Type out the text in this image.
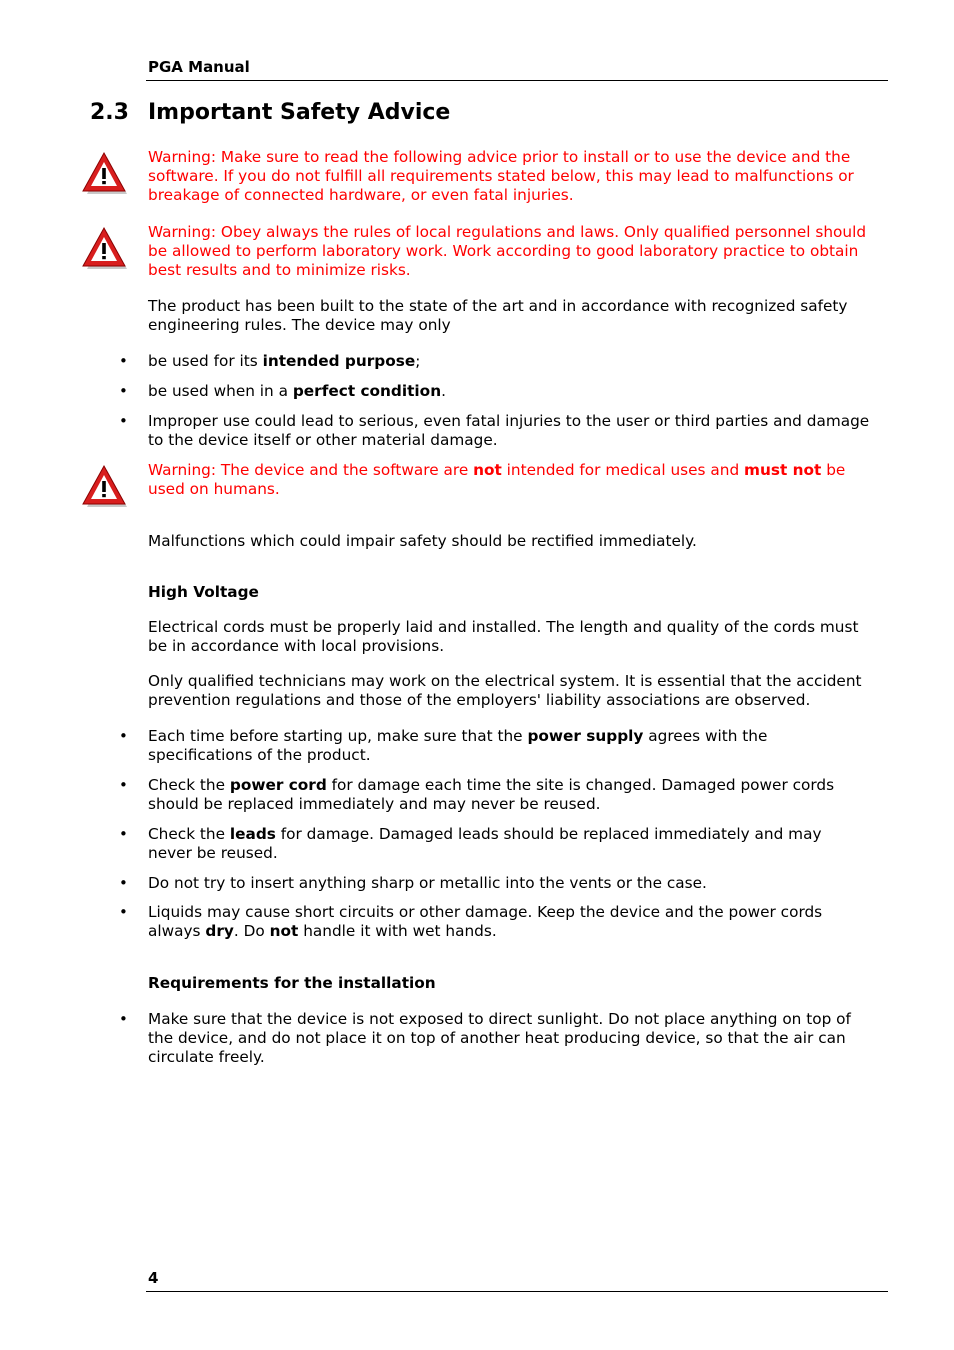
PGA Manual
2.3 Important Safety Advice
Warning: Make sure to read the following advice prior to install or to use the device and the software. If you do not fulfill all requirements stated below, this may lead to malfunctions or breakage of connected hardware, or even fatal injuries.
Warning: Obey always the rules of local regulations and laws. Only qualified personnel should be allowed to perform laboratory work. Work according to good laboratory practice to obtain best results and to minimize risks.
The product has been built to the state of the art and in accordance with recognized safety engineering rules. The device may only
• be used for its intended purpose;
• be used when in a perfect condition.
• Improper use could lead to serious, even fatal injuries to the user or third parties and damage to the device itself or other material damage.
Warning: The device and the software are not intended for medical uses and must not be used on humans.
Malfunctions which could impair safety should be rectified immediately.
High Voltage
Electrical cords must be properly laid and installed. The length and quality of the cords must be in accordance with local provisions.
Only qualified technicians may work on the electrical system. It is essential that the accident prevention regulations and those of the employers' liability associations are observed.
• Each time before starting up, make sure that the power supply agrees with the specifications of the product.
• Check the power cord for damage each time the site is changed. Damaged power cords should be replaced immediately and may never be reused.
• Check the leads for damage. Damaged leads should be replaced immediately and may never be reused.
• Do not try to insert anything sharp or metallic into the vents or the case.
• Liquids may cause short circuits or other damage. Keep the device and the power cords always dry. Do not handle it with wet hands.
Requirements for the installation
• Make sure that the device is not exposed to direct sunlight. Do not place anything on top of the device, and do not place it on top of another heat producing device, so that the air can circulate freely.
4
